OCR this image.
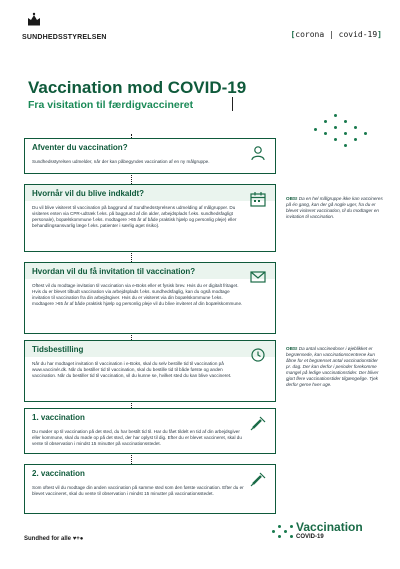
SUNDHEDSSTYRELSEN	[corona | covid-19]
Vaccination mod COVID-19
Fra visitation til færdigvaccineret
Afventer du vaccination?

Sundhedsstyrelsen udmelder, når der kan påbegyndes vaccination af en ny målgruppe.

Hvornår vil du blive indkaldt?

Du vil blive visiteret til vaccination på baggrund af Sundhedsstyrelsens udmelding af målgrupper. Du visiteres enten via CPR-udtræk f.eks. på baggrund af din alder, arbejdsplads f.eks. sundhedsfagligt personale), bopælskommune f.eks. modtagere >65 år af både praktisk hjælp og personlig pleje) eller behandlingsansvarlig læge f.eks. patienter i særlig øget risiko).

OBS! Da en hel målgruppe ikke kan vaccineres på én gang, kan der gå nogle uger, fra du er blevet visiteret vaccination, til du modtager en invitation til vaccination.
Hvordan vil du få invitation til vaccination?

Oftest vil du modtage invitation til vaccination via e-Boks eller et fysisk brev. Hvis du er digitalt fritaget. Hvis du er blevet tilbudt vaccination via arbejdsplads f.eks. sundhedsfaglig, kan du også modtage invitation til vaccination fra din arbejdsgiver. Hvis du er visiteret via din bopælskommune f.eks. modtagere >65 år af både praktisk hjælp og personlig pleje vil du blive inviteret af din bopælskommune.

Tidsbestilling

Når du har modtaget invitation til vaccination i e-Boks, skal du selv bestille tid til vaccination på www.vaccinér.dk. Når du bestiller tid til vaccination, skal du bestille tid til både første og anden vaccination. Når du bestiller tid til vaccination, vil du kunne se, hvilket sted du kan blive vaccineret.

OBS! Da antal vaccinedoser i øjeblikket er begrænsede, kan vaccinationscentrene kun åbne for et begrænset antal vaccinationstider pr. dag. Der kan derfor i perioder forekomme mangel på ledige vaccinationstider. Der bliver gjort flere vaccinationstider tilgængelige. Tjek derfor gerne hver uge.
1. vaccination

Du møder op til vaccination på det sted, du har bestilt tid til. Har du fået tildelt en tid af din arbejdsgiver eller kommune, skal du møde op på det sted, der har oplyst til dig. Efter du er blevet vaccineret, skal du vente til observation i mindst 15 minutter på vaccinationsstedet.

2. vaccination

Som oftest vil du modtage din anden vaccination på samme sted som den første vaccination. Efter du er blevet vaccineret, skal du vente til observation i mindst 15 minutter på vaccinationsstedet.

Sundhed for alle ♥+●
Vaccination
COVID-19
